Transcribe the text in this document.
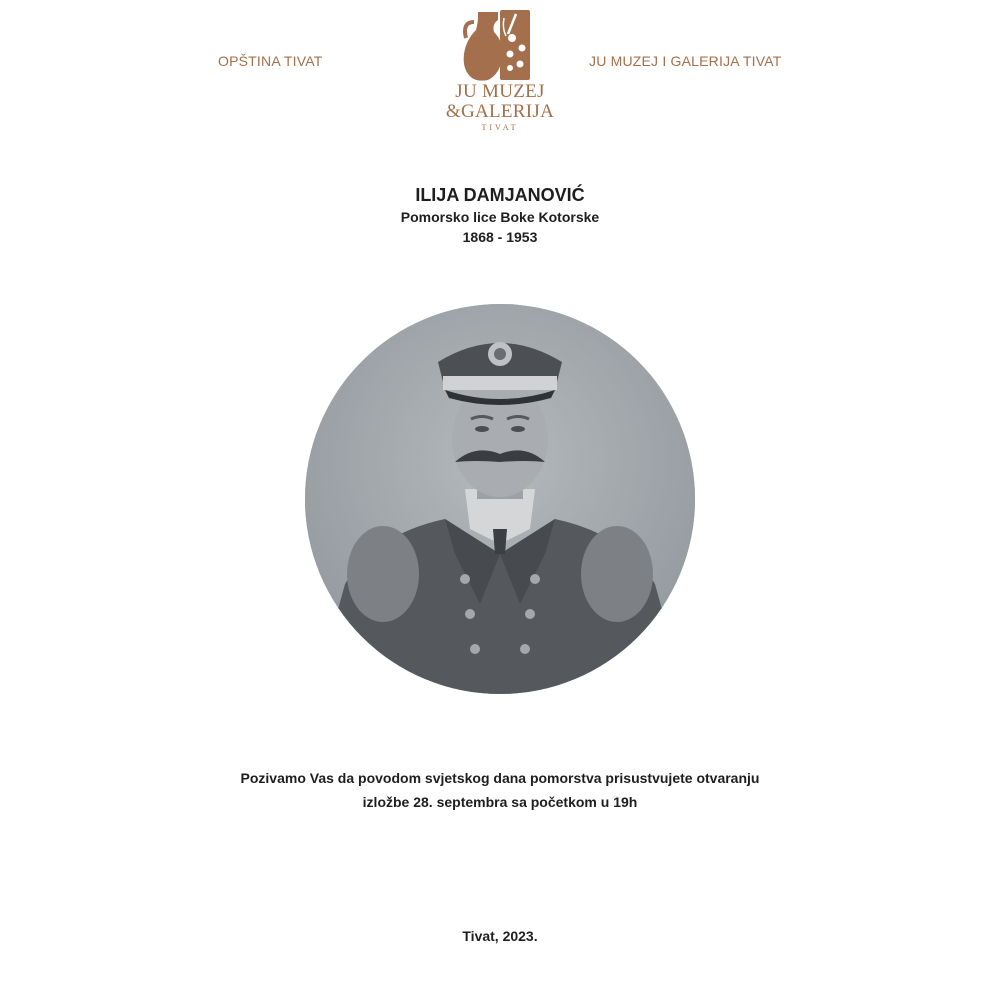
OPŠTINA TIVAT
JU MUZEJ
&GALERIJA
TIVAT
JU MUZEJ I GALERIJA TIVAT
ILIJA DAMJANOVIĆ
Pomorsko lice Boke Kotorske
1868 - 1953
Pozivamo Vas da povodom svjetskog dana pomorstva prisustvujete otvaranju
izložbe 28. septembra sa početkom u 19h
Tivat, 2023.
